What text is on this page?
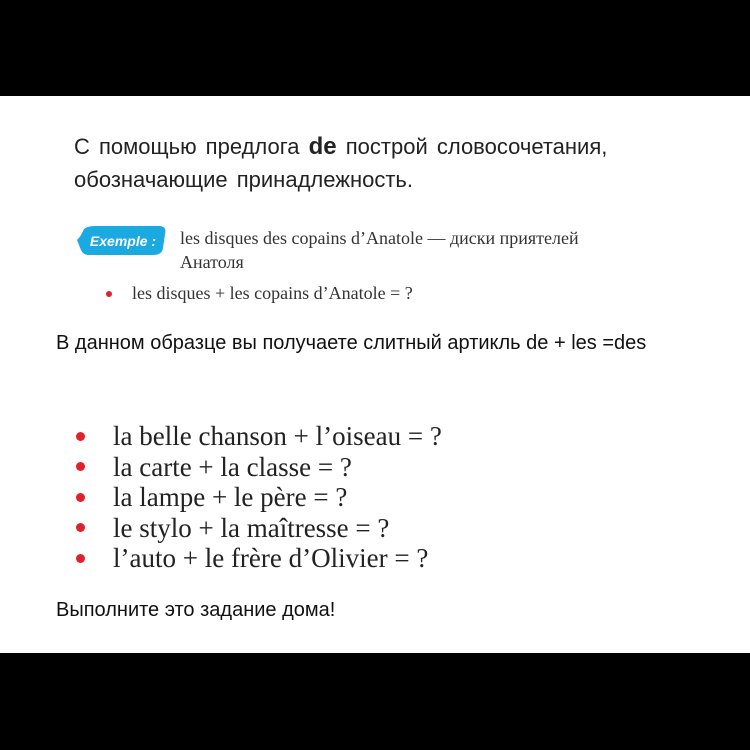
С помощью предлога de построй словосочетания, обозначающие принадлежность.
Exemple : les disques des copains d’Anatole — диски приятелей Анатоля
les disques + les copains d’Anatole = ?
В данном образце вы получаете слитный артикль de + les =des
la belle chanson + l’oiseau = ?
la carte + la classe = ?
la lampe + le père = ?
le stylo + la maîtresse = ?
l’auto + le frère d’Olivier = ?
Выполните это задание дома!
